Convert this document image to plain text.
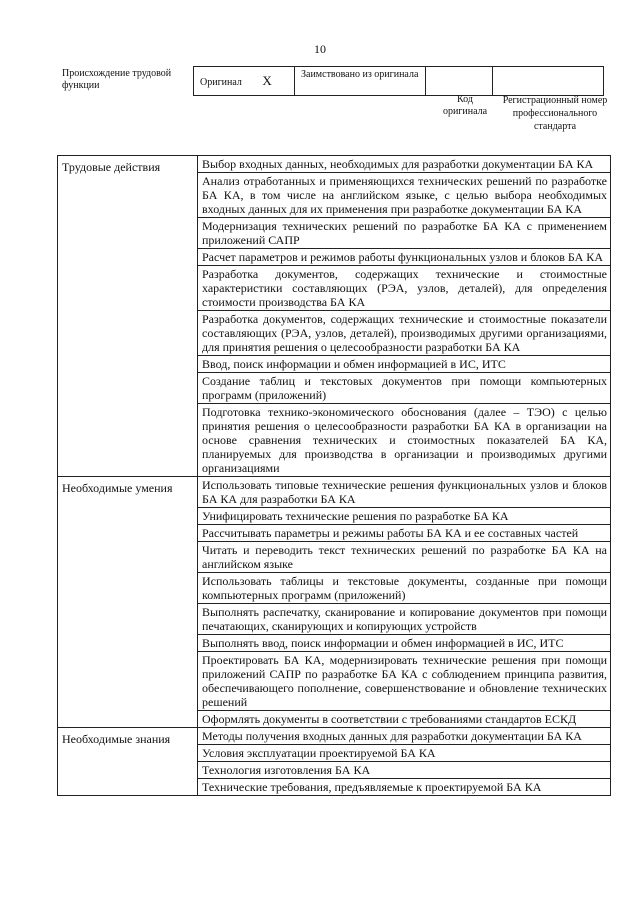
10
Происхождение трудовой функции	Оригинал X	Заимствовано из оригинала		
Код оригинала
Регистрационный номер профессионального стандарта
Трудовые действия	Выбор входных данных, необходимых для разработки документации БА КА
	Анализ отработанных и применяющихся технических решений по разработке БА КА, в том числе на английском языке, с целью выбора необходимых входных данных для их применения при разработке документации БА КА
	Модернизация технических решений по разработке БА КА с применением приложений САПР
	Расчет параметров и режимов работы функциональных узлов и блоков БА КА
	Разработка документов, содержащих технические и стоимостные характеристики составляющих (РЭА, узлов, деталей), для определения стоимости производства БА КА
	Разработка документов, содержащих технические и стоимостные показатели составляющих (РЭА, узлов, деталей), производимых другими организациями, для принятия решения о целесообразности разработки БА КА
	Ввод, поиск информации и обмен информацией в ИС, ИТС
	Создание таблиц и текстовых документов при помощи компьютерных программ (приложений)
	Подготовка технико-экономического обоснования (далее – ТЭО) с целью принятия решения о целесообразности разработки БА КА в организации на основе сравнения технических и стоимостных показателей БА КА, планируемых для производства в организации и производимых другими организациями
Необходимые умения	Использовать типовые технические решения функциональных узлов и блоков БА КА для разработки БА КА
	Унифицировать технические решения по разработке БА КА
	Рассчитывать параметры и режимы работы БА КА и ее составных частей
	Читать и переводить текст технических решений по разработке БА КА на английском языке
	Использовать таблицы и текстовые документы, созданные при помощи компьютерных программ (приложений)
	Выполнять распечатку, сканирование и копирование документов при помощи печатающих, сканирующих и копирующих устройств
	Выполнять ввод, поиск информации и обмен информацией в ИС, ИТС
	Проектировать БА КА, модернизировать технические решения при помощи приложений САПР по разработке БА КА с соблюдением принципа развития, обеспечивающего пополнение, совершенствование и обновление технических решений
	Оформлять документы в соответствии с требованиями стандартов ЕСКД
Необходимые знания	Методы получения входных данных для разработки документации БА КА
	Условия эксплуатации проектируемой БА КА
	Технология изготовления БА КА
	Технические требования, предъявляемые к проектируемой БА КА
